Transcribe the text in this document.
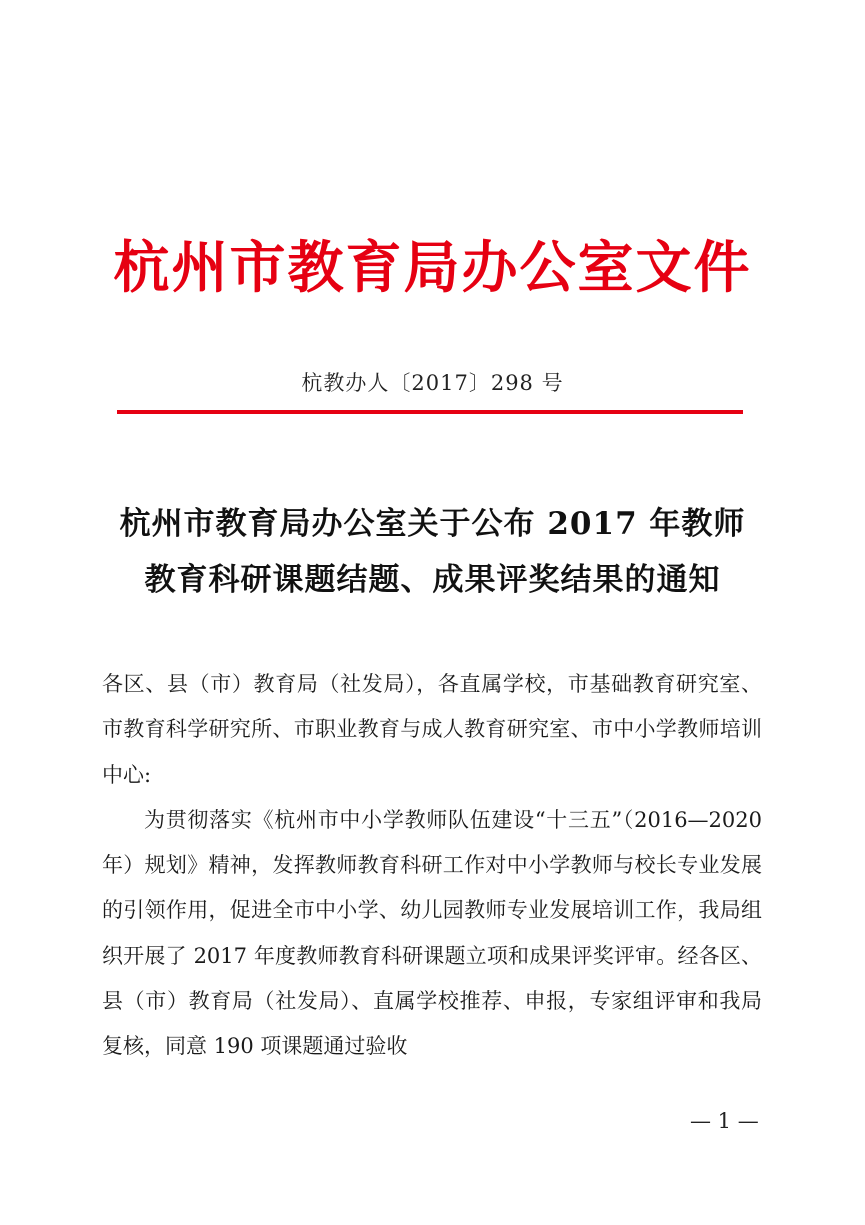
杭州市教育局办公室文件
杭教办人〔2017〕298 号
杭州市教育局办公室关于公布 2017 年教师
教育科研课题结题、成果评奖结果的通知

各区、县（市）教育局（社发局），各直属学校，市基础教育研究室、市教育科学研究所、市职业教育与成人教育研究室、市中小学教师培训中心:

为贯彻落实《杭州市中小学教师队伍建设“十三五”（2016—2020 年）规划》精神，发挥教师教育科研工作对中小学教师与校长专业发展的引领作用，促进全市中小学、幼儿园教师专业发展培训工作，我局组织开展了 2017 年度教师教育科研课题立项和成果评奖评审。经各区、县（市）教育局（社发局）、直属学校推荐、申报，专家组评审和我局复核，同意 190 项课题通过验收

— 1 —
